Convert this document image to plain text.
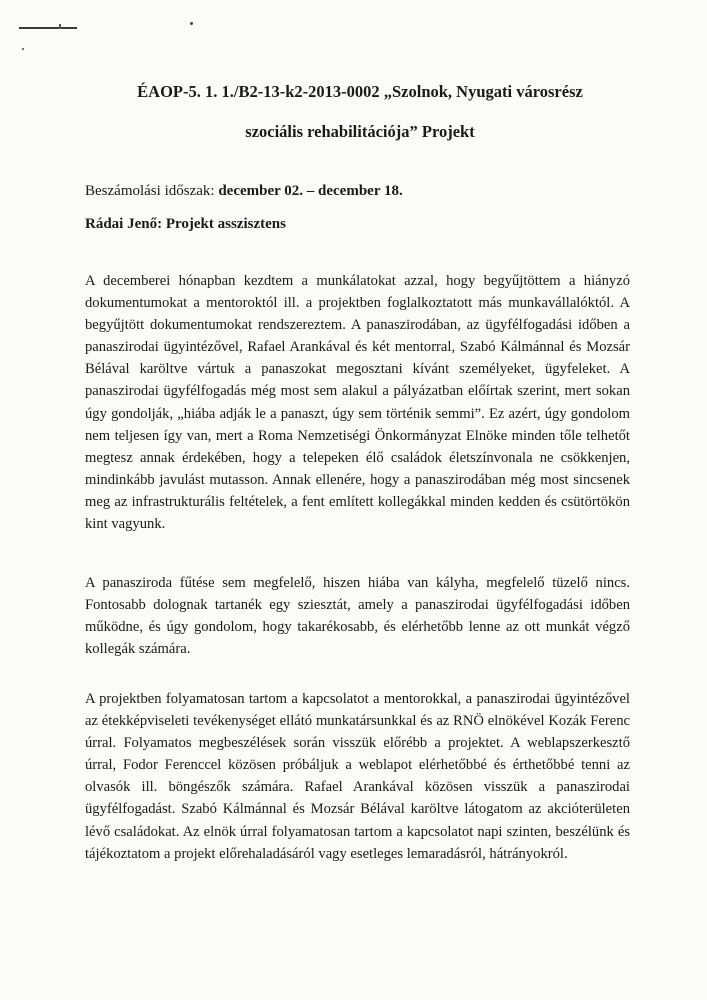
ÉAOP-5. 1. 1./B2-13-k2-2013-0002 „Szolnok, Nyugati városrész
szociális rehabilitációja” Projekt
Beszámolási időszak: december 02. – december 18.
Rádai Jenő: Projekt asszisztens

A decemberei hónapban kezdtem a munkálatokat azzal, hogy begyűjtöttem a hiányzó dokumentumokat a mentoroktól ill. a projektben foglalkoztatott más munkavállalóktól. A begyűjtött dokumentumokat rendszereztem. A panaszirodában, az ügyfélfogadási időben a panaszirodai ügyintézővel, Rafael Arankával és két mentorral, Szabó Kálmánnal és Mozsár Bélával karöltve vártuk a panaszokat megosztani kívánt személyeket, ügyfeleket. A panaszirodai ügyfélfogadás még most sem alakul a pályázatban előírtak szerint, mert sokan úgy gondolják, „hiába adják le a panaszt, úgy sem történik semmi”. Ez azért, úgy gondolom nem teljesen így van, mert a Roma Nemzetiségi Önkormányzat Elnöke minden tőle telhetőt megtesz annak érdekében, hogy a telepeken élő családok életszínvonala ne csökkenjen, mindinkább javulást mutasson. Annak ellenére, hogy a panaszirodában még most sincsenek meg az infrastrukturális feltételek, a fent említett kollegákkal minden kedden és csütörtökön kint vagyunk.

A panasziroda fűtése sem megfelelő, hiszen hiába van kályha, megfelelő tüzelő nincs. Fontosabb dolognak tartanék egy sziesztát, amely a panaszirodai ügyfélfogadási időben működne, és úgy gondolom, hogy takarékosabb, és elérhetőbb lenne az ott munkát végző kollegák számára.

A projektben folyamatosan tartom a kapcsolatot a mentorokkal, a panaszirodai ügyintézővel az étekképviseleti tevékenységet ellátó munkatársunkkal és az RNÖ elnökével Kozák Ferenc úrral. Folyamatos megbeszélések során visszük előrébb a projektet. A weblapszerkesztő úrral, Fodor Ferenccel közösen próbáljuk a weblapot elérhetőbbé és érthetőbbé tenni az olvasók ill. böngészők számára. Rafael Arankával közösen visszük a panaszirodai ügyfélfogadást. Szabó Kálmánnal és Mozsár Bélával karöltve látogatom az akcióterületen lévő családokat. Az elnök úrral folyamatosan tartom a kapcsolatot napi szinten, beszélünk és tájékoztatom a projekt előrehaladásáról vagy esetleges lemaradásról, hátrányokról.
